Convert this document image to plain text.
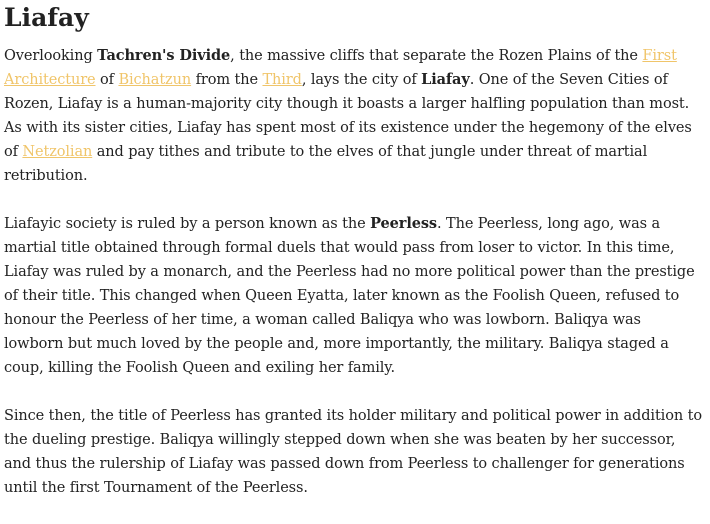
Liafay

Overlooking Tachren's Divide, the massive cliffs that separate the Rozen Plains of the First Architecture of Bichatzun from the Third, lays the city of Liafay. One of the Seven Cities of Rozen, Liafay is a human-majority city though it boasts a larger halfling population than most. As with its sister cities, Liafay has spent most of its existence under the hegemony of the elves of Netzolian and pay tithes and tribute to the elves of that jungle under threat of martial retribution.

Liafayic society is ruled by a person known as the Peerless. The Peerless, long ago, was a martial title obtained through formal duels that would pass from loser to victor. In this time, Liafay was ruled by a monarch, and the Peerless had no more political power than the prestige of their title. This changed when Queen Eyatta, later known as the Foolish Queen, refused to honour the Peerless of her time, a woman called Baliqya who was lowborn. Baliqya was lowborn but much loved by the people and, more importantly, the military. Baliqya staged a coup, killing the Foolish Queen and exiling her family.

Since then, the title of Peerless has granted its holder military and political power in addition to the dueling prestige. Baliqya willingly stepped down when she was beaten by her successor, and thus the rulership of Liafay was passed down from Peerless to challenger for generations until the first Tournament of the Peerless.
